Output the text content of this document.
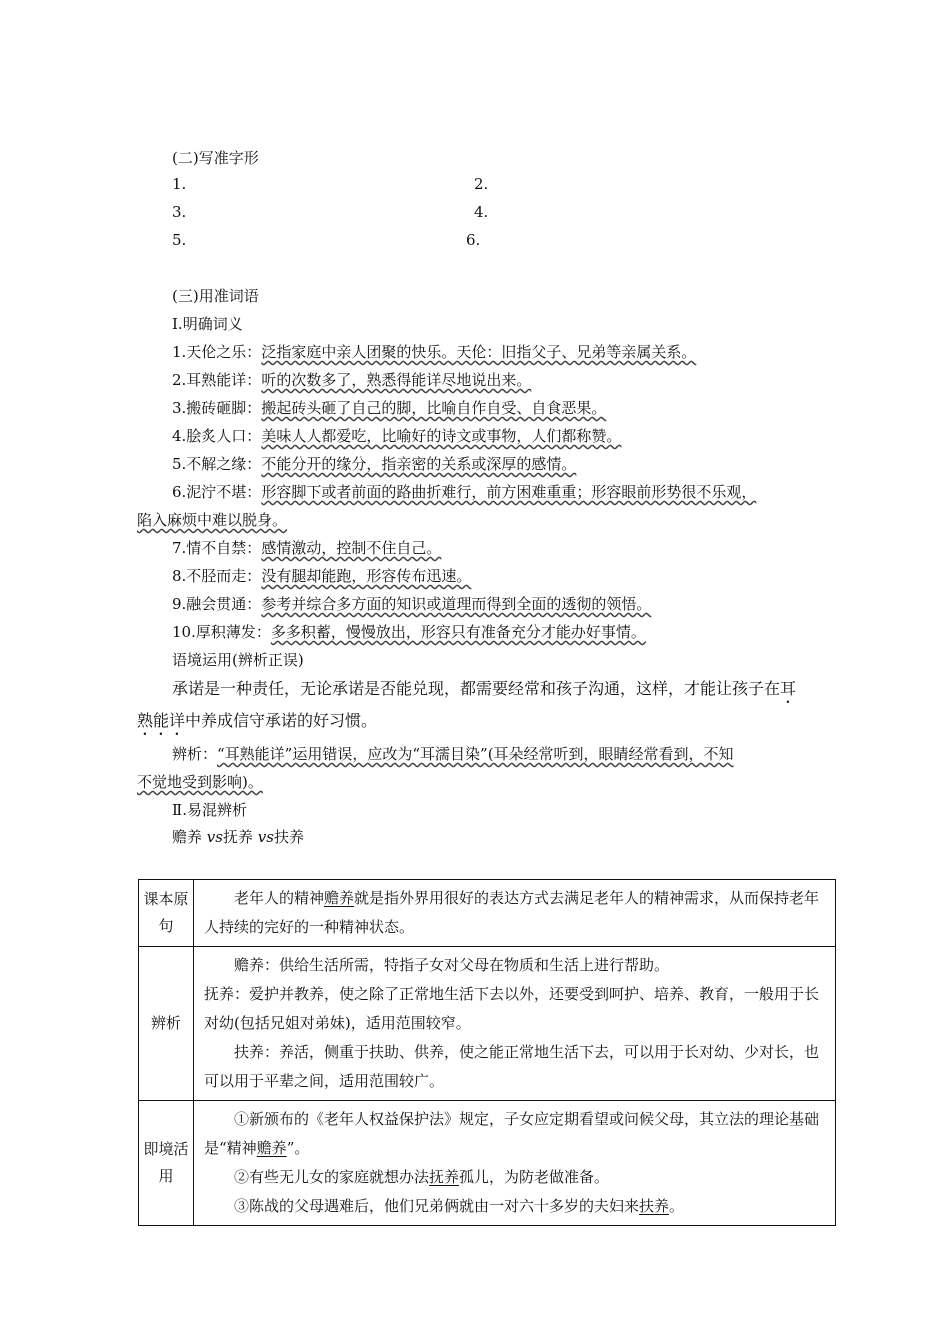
(二)写准字形
1.	2.
3.	4.
5.	6.
(三)用准词语
Ⅰ.明确词义
1.天伦之乐：泛指家庭中亲人团聚的快乐。天伦：旧指父子、兄弟等亲属关系。
2.耳熟能详：听的次数多了，熟悉得能详尽地说出来。
3.搬砖砸脚：搬起砖头砸了自己的脚，比喻自作自受、自食恶果。
4.脍炙人口：美味人人都爱吃，比喻好的诗文或事物，人们都称赞。
5.不解之缘：不能分开的缘分，指亲密的关系或深厚的感情。
6.泥泞不堪：形容脚下或者前面的路曲折难行，前方困难重重；形容眼前形势很不乐观，
陷入麻烦中难以脱身。
7.情不自禁：感情激动，控制不住自己。
8.不胫而走：没有腿却能跑，形容传布迅速。
9.融会贯通：参考并综合多方面的知识或道理而得到全面的透彻的领悟。
10.厚积薄发：多多积蓄，慢慢放出，形容只有准备充分才能办好事情。
语境运用(辨析正误)
承诺是一种责任，无论承诺是否能兑现，都需要经常和孩子沟通，这样，才能让孩子在耳
熟能详中养成信守承诺的好习惯。
辨析：“耳熟能详”运用错误，应改为“耳濡目染”(耳朵经常听到，眼睛经常看到，不知
不觉地受到影响)。
Ⅱ.易混辨析
赡养 vs抚养 vs扶养
课本原句	老年人的精神赡养就是指外界用很好的表达方式去满足老年人的精神需求，从而保持老年人持续的完好的一种精神状态。
辨析	赡养：供给生活所需，特指子女对父母在物质和生活上进行帮助。
抚养：爱护并教养，使之除了正常地生活下去以外，还要受到呵护、培养、教育，一般用于长对幼(包括兄姐对弟妹)，适用范围较窄。
扶养：养活，侧重于扶助、供养，使之能正常地生活下去，可以用于长对幼、少对长，也可以用于平辈之间，适用范围较广。

即境活用	①新颁布的《老年人权益保护法》规定，子女应定期看望或问候父母，其立法的理论基础是“精神赡养”。
②有些无儿女的家庭就想办法抚养孤儿，为防老做准备。
③陈战的父母遇难后，他们兄弟俩就由一对六十多岁的夫妇来扶养。
